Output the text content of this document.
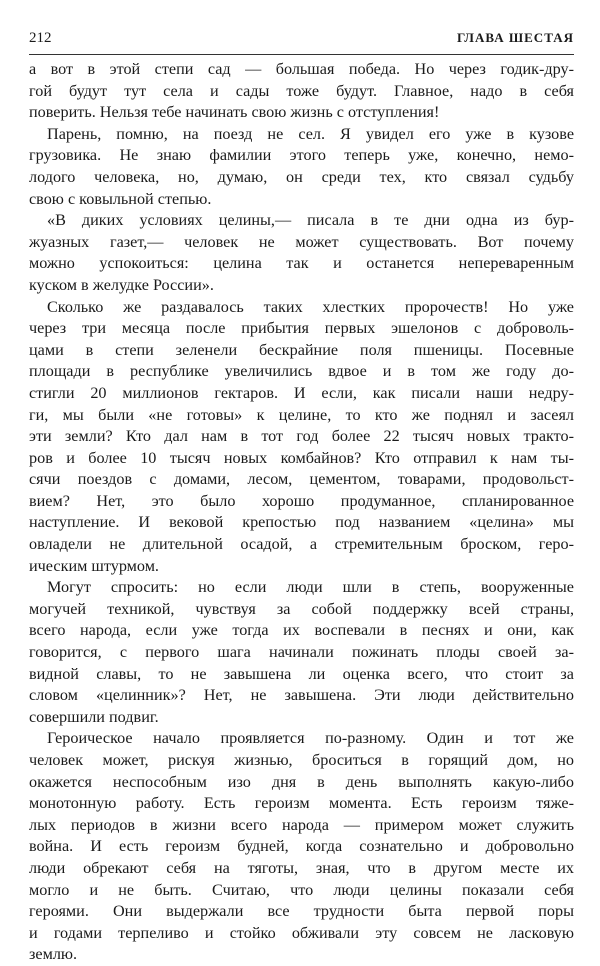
212	ГЛАВА ШЕСТАЯ

а вот в этой степи сад — большая победа. Но через годик-дру-
гой будут тут села и сады тоже будут. Главное, надо в себя
поверить. Нельзя тебе начинать свою жизнь с отступления!

Парень, помню, на поезд не сел. Я увидел его уже в кузове
грузовика. Не знаю фамилии этого теперь уже, конечно, немо-
лодого человека, но, думаю, он среди тех, кто связал судьбу
свою с ковыльной степью.

«В диких условиях целины,— писала в те дни одна из бур-
жуазных газет,— человек не может существовать. Вот почему
можно успокоиться: целина так и останется непереваренным
куском в желудке России».

Сколько же раздавалось таких хлестких пророчеств! Но уже
через три месяца после прибытия первых эшелонов с доброволь-
цами в степи зеленели бескрайние поля пшеницы. Посевные
площади в республике увеличились вдвое и в том же году до-
стигли 20 миллионов гектаров. И если, как писали наши недру-
ги, мы были «не готовы» к целине, то кто же поднял и засеял
эти земли? Кто дал нам в тот год более 22 тысяч новых тракто-
ров и более 10 тысяч новых комбайнов? Кто отправил к нам ты-
сячи поездов с домами, лесом, цементом, товарами, продовольст-
вием? Нет, это было хорошо продуманное, спланированное
наступление. И вековой крепостью под названием «целина» мы
овладели не длительной осадой, а стремительным броском, геро-
ическим штурмом.

Могут спросить: но если люди шли в степь, вооруженные
могучей техникой, чувствуя за собой поддержку всей страны,
всего народа, если уже тогда их воспевали в песнях и они, как
говорится, с первого шага начинали пожинать плоды своей за-
видной славы, то не завышена ли оценка всего, что стоит за
словом «целинник»? Нет, не завышена. Эти люди действительно
совершили подвиг.

Героическое начало проявляется по-разному. Один и тот же
человек может, рискуя жизнью, броситься в горящий дом, но
окажется неспособным изо дня в день выполнять какую-либо
монотонную работу. Есть героизм момента. Есть героизм тяже-
лых периодов в жизни всего народа — примером может служить
война. И есть героизм будней, когда сознательно и добровольно
люди обрекают себя на тяготы, зная, что в другом месте их
могло и не быть. Считаю, что люди целины показали себя
героями. Они выдержали все трудности быта первой поры
и годами терпеливо и стойко обживали эту совсем не ласковую
землю.
